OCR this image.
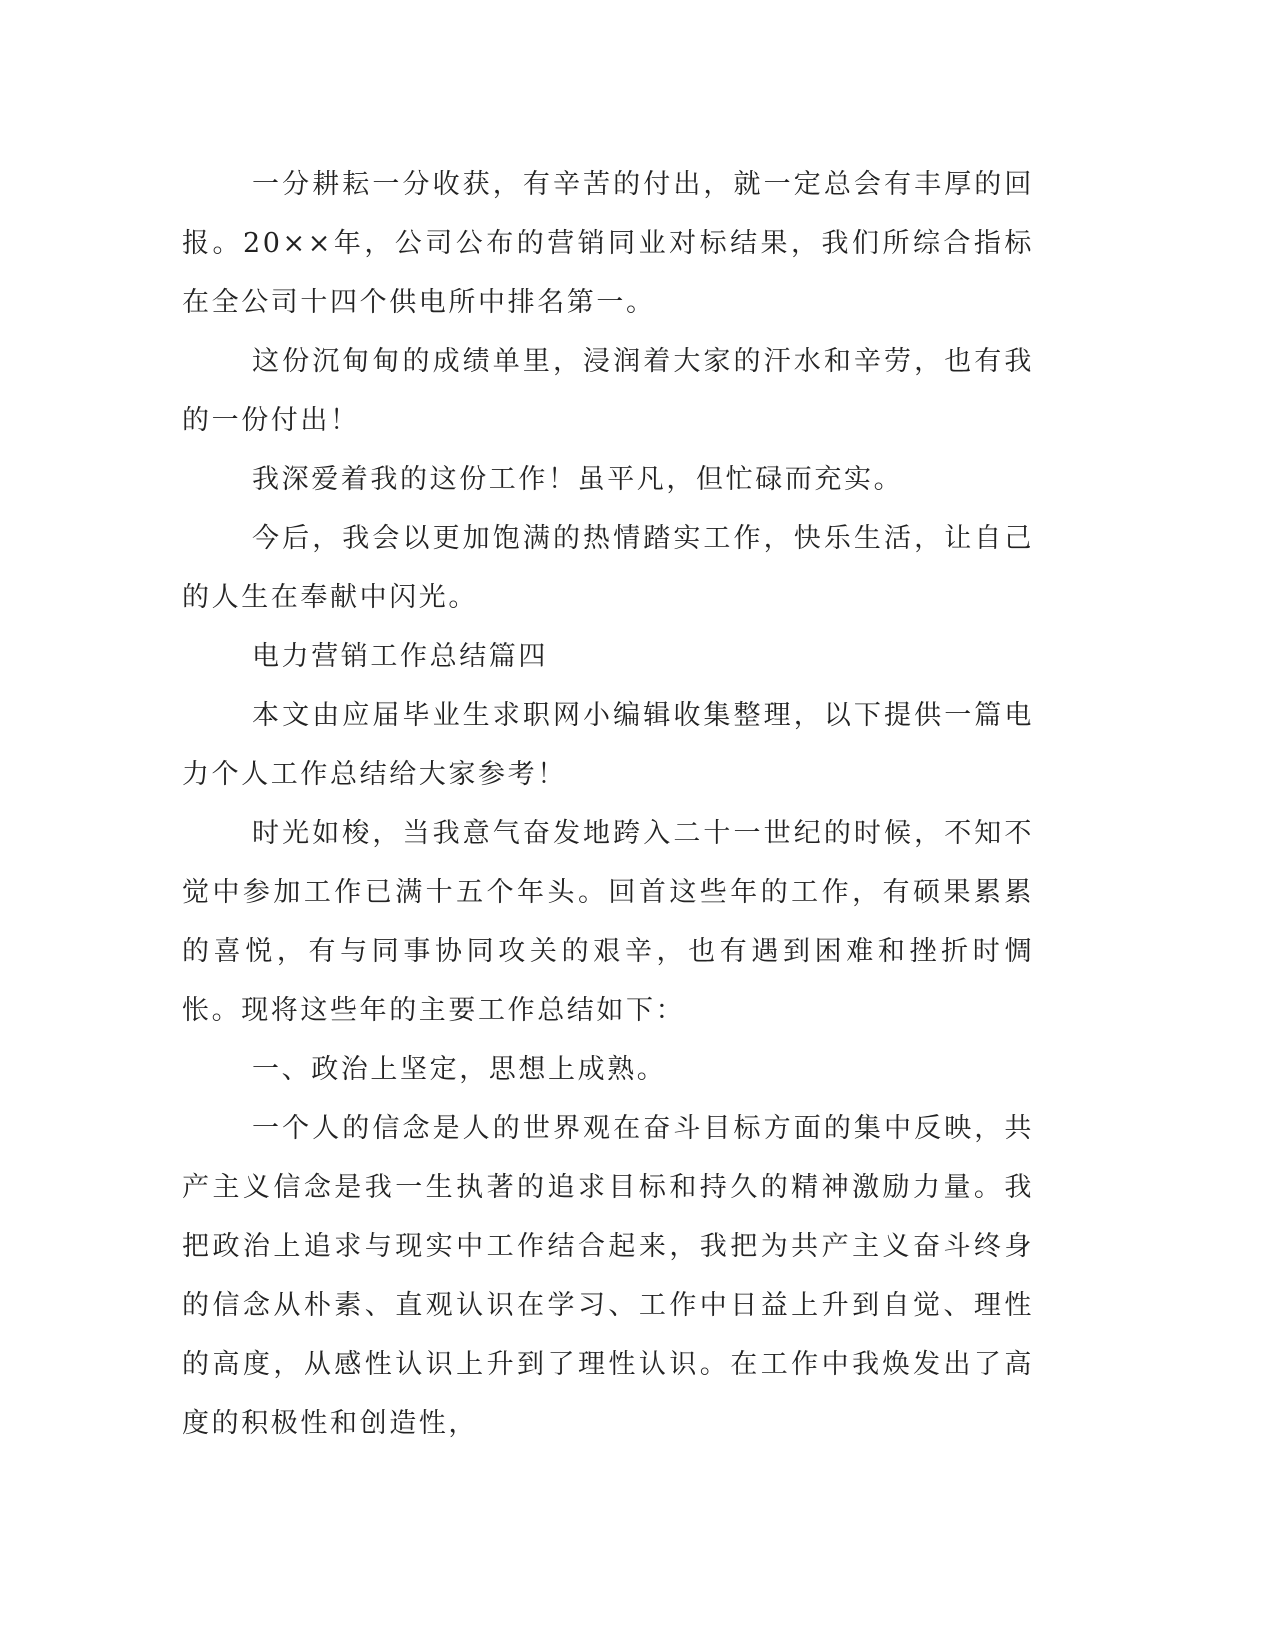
一分耕耘一分收获，有辛苦的付出，就一定总会有丰厚的回报。20××年，公司公布的营销同业对标结果，我们所综合指标在全公司十四个供电所中排名第一。

这份沉甸甸的成绩单里，浸润着大家的汗水和辛劳，也有我的一份付出！

我深爱着我的这份工作！虽平凡，但忙碌而充实。

今后，我会以更加饱满的热情踏实工作，快乐生活，让自己的人生在奉献中闪光。

电力营销工作总结篇四

本文由应届毕业生求职网小编辑收集整理，以下提供一篇电力个人工作总结给大家参考！

时光如梭，当我意气奋发地跨入二十一世纪的时候，不知不觉中参加工作已满十五个年头。回首这些年的工作，有硕果累累的喜悦，有与同事协同攻关的艰辛，也有遇到困难和挫折时惆怅。现将这些年的主要工作总结如下：

一、政治上坚定，思想上成熟。

一个人的信念是人的世界观在奋斗目标方面的集中反映，共产主义信念是我一生执著的追求目标和持久的精神激励力量。我把政治上追求与现实中工作结合起来，我把为共产主义奋斗终身的信念从朴素、直观认识在学习、工作中日益上升到自觉、理性的高度，从感性认识上升到了理性认识。在工作中我焕发出了高度的积极性和创造性，
